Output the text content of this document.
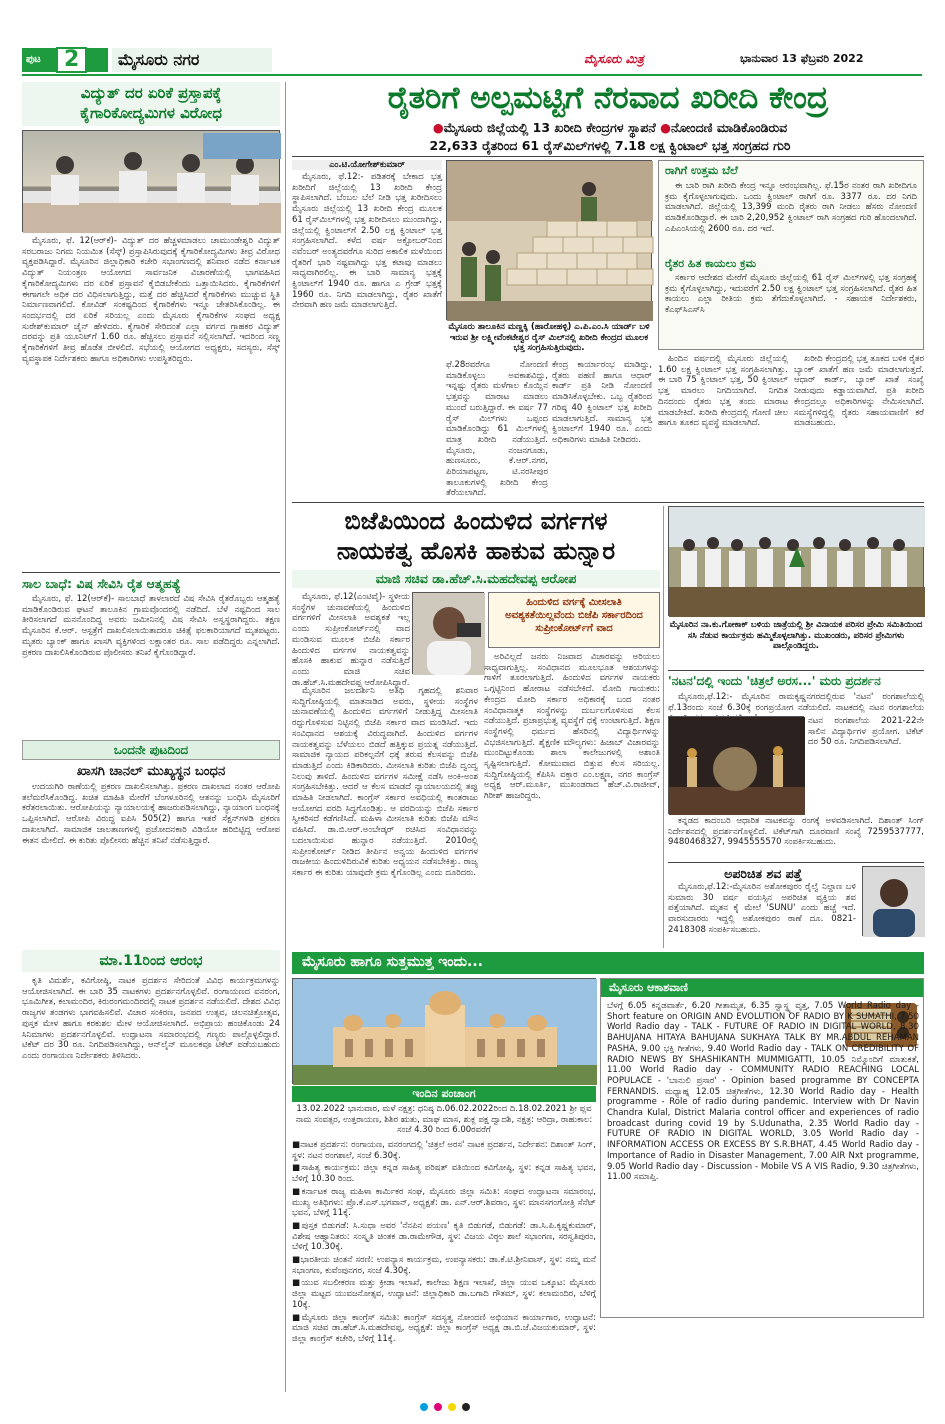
ಪುಟ	2	ಮೈಸೂರು ನಗರ	ಮೈಸೂರು ಮಿತ್ರ	ಭಾನುವಾರ 13 ಫೆಬ್ರವರಿ 2022
ವಿದ್ಯುತ್ ದರ ಏರಿಕೆ ಪ್ರಸ್ತಾಪಕ್ಕೆ
ಕೈಗಾರಿಕೋದ್ಯಮಿಗಳ ವಿರೋಧ
ಮೈಸೂರು, ಫೆ. 12(ಆರ್‌ಕೆ)- ವಿದ್ಯುತ್ ದರ ಹೆಚ್ಚಳಮಾಡಲು ಚಾಮುಂಡೇಶ್ವರಿ ವಿದ್ಯುತ್ ಸರಬರಾಜು ನಿಗಮ ನಿಯಮಿತ (ಸೆಸ್ಕ್) ಪ್ರಸ್ತಾಪಿಸಿರುವುದಕ್ಕೆ ಕೈಗಾರಿಕೋದ್ಯಮಿಗಳು ತೀವ್ರ ವಿರೋಧ ವ್ಯಕ್ತಪಡಿಸಿದ್ದಾರೆ. ಮೈಸೂರಿನ ಜಿಲ್ಲಾಧಿಕಾರಿ ಕಚೇರಿ ಸಭಾಂಗಣದಲ್ಲಿ ಶನಿವಾರ ನಡೆದ ಕರ್ನಾಟಕ ವಿದ್ಯುತ್ ನಿಯಂತ್ರಣ ಆಯೋಗದ ಸಾರ್ವಜನಿಕ ವಿಚಾರಣೆಯಲ್ಲಿ ಭಾಗವಹಿಸಿದ ಕೈಗಾರಿಕೋದ್ಯಮಿಗಳು ದರ ಏರಿಕೆ ಪ್ರಸ್ತಾವನೆ ಕೈಬಿಡಬೇಕೆಂದು ಒತ್ತಾಯಿಸಿದರು. ಕೈಗಾರಿಕೆಗಳಿಗೆ ಈಗಾಗಲೇ ಅಧಿಕ ದರ ವಿಧಿಸಲಾಗುತ್ತಿದ್ದು, ಮತ್ತೆ ದರ ಹೆಚ್ಚಿಸಿದರೆ ಕೈಗಾರಿಕೆಗಳು ಮುಚ್ಚುವ ಸ್ಥಿತಿ ನಿರ್ಮಾಣವಾಗಲಿದೆ. ಕೋವಿಡ್ ಸಂಕಷ್ಟದಿಂದ ಕೈಗಾರಿಕೆಗಳು ಇನ್ನೂ ಚೇತರಿಸಿಕೊಂಡಿಲ್ಲ. ಈ ಸಂದರ್ಭದಲ್ಲಿ ದರ ಏರಿಕೆ ಸರಿಯಲ್ಲ ಎಂದು ಮೈಸೂರು ಕೈಗಾರಿಕೆಗಳ ಸಂಘದ ಅಧ್ಯಕ್ಷ ಸುರೇಶ್‌ಕುಮಾರ್ ಜೈನ್ ಹೇಳಿದರು. ಕೈಗಾರಿಕೆ ಸೇರಿದಂತೆ ಎಲ್ಲಾ ವರ್ಗದ ಗ್ರಾಹಕರ ವಿದ್ಯುತ್ ದರವನ್ನು ಪ್ರತಿ ಯೂನಿಟ್‌ಗೆ 1.60 ರೂ. ಹೆಚ್ಚಿಸಲು ಪ್ರಸ್ತಾವನೆ ಸಲ್ಲಿಸಲಾಗಿದೆ. ಇದರಿಂದ ಸಣ್ಣ ಕೈಗಾರಿಕೆಗಳಿಗೆ ತೀವ್ರ ಹೊಡೆತ ಬೀಳಲಿದೆ. ಸಭೆಯಲ್ಲಿ ಆಯೋಗದ ಅಧ್ಯಕ್ಷರು, ಸದಸ್ಯರು, ಸೆಸ್ಕ್ ವ್ಯವಸ್ಥಾಪಕ ನಿರ್ದೇಶಕರು ಹಾಗೂ ಅಧಿಕಾರಿಗಳು ಉಪಸ್ಥಿತರಿದ್ದರು.
ಸಾಲ ಬಾಧೆ: ವಿಷ ಸೇವಿಸಿ ರೈತ ಆತ್ಮಹತ್ಯೆ
ಮೈಸೂರು, ಫೆ. 12(ಆರ್‌ಕೆ)- ಸಾಲಬಾಧೆ ತಾಳಲಾರದೆ ವಿಷ ಸೇವಿಸಿ ರೈತರೊಬ್ಬರು ಆತ್ಮಹತ್ಯೆ ಮಾಡಿಕೊಂಡಿರುವ ಘಟನೆ ತಾಲೂಕಿನ ಗ್ರಾಮವೊಂದರಲ್ಲಿ ನಡೆದಿದೆ. ಬೆಳೆ ನಷ್ಟದಿಂದ ಸಾಲ ತೀರಿಸಲಾಗದೆ ಮನನೊಂದಿದ್ದ ಅವರು ಜಮೀನಿನಲ್ಲಿ ವಿಷ ಸೇವಿಸಿ ಅಸ್ವಸ್ಥರಾಗಿದ್ದರು. ತಕ್ಷಣ ಮೈಸೂರಿನ ಕೆ.ಆರ್. ಆಸ್ಪತ್ರೆಗೆ ದಾಖಲಿಸಲಾಯಿತಾದರೂ ಚಿಕಿತ್ಸೆ ಫಲಕಾರಿಯಾಗದೆ ಮೃತಪಟ್ಟರು. ಮೃತರು ಬ್ಯಾಂಕ್ ಹಾಗೂ ಖಾಸಗಿ ವ್ಯಕ್ತಿಗಳಿಂದ ಲಕ್ಷಾಂತರ ರೂ. ಸಾಲ ಪಡೆದಿದ್ದರು ಎನ್ನಲಾಗಿದೆ. ಪ್ರಕರಣ ದಾಖಲಿಸಿಕೊಂಡಿರುವ ಪೊಲೀಸರು ತನಿಖೆ ಕೈಗೊಂಡಿದ್ದಾರೆ.
ಒಂದನೇ ಪುಟದಿಂದ
ಖಾಸಗಿ ಚಾನಲ್ ಮುಖ್ಯಸ್ಥನ ಬಂಧನ
ಉದಯಗಿರಿ ಠಾಣೆಯಲ್ಲಿ ಪ್ರಕರಣ ದಾಖಲಿಸಲಾಗಿತ್ತು. ಪ್ರಕರಣ ದಾಖಲಾದ ನಂತರ ಆರೋಪಿ ತಲೆಮರೆಸಿಕೊಂಡಿದ್ದ. ಖಚಿತ ಮಾಹಿತಿ ಮೇರೆಗೆ ಬೆಂಗಳೂರಿನಲ್ಲಿ ಆತನನ್ನು ಬಂಧಿಸಿ ಮೈಸೂರಿಗೆ ಕರೆತರಲಾಯಿತು. ಆರೋಪಿಯನ್ನು ನ್ಯಾಯಾಲಯಕ್ಕೆ ಹಾಜರುಪಡಿಸಲಾಗಿದ್ದು, ನ್ಯಾಯಾಂಗ ಬಂಧನಕ್ಕೆ ಒಪ್ಪಿಸಲಾಗಿದೆ. ಆರೋಪಿ ವಿರುದ್ಧ ಐಪಿಸಿ 505(2) ಹಾಗೂ ಇತರೆ ಸೆಕ್ಷನ್‌ಗಳಡಿ ಪ್ರಕರಣ ದಾಖಲಾಗಿದೆ. ಸಾಮಾಜಿಕ ಜಾಲತಾಣಗಳಲ್ಲಿ ಪ್ರಚೋದನಕಾರಿ ವಿಡಿಯೋ ಹರಿಬಿಟ್ಟಿದ್ದ ಆರೋಪ ಈತನ ಮೇಲಿದೆ. ಈ ಕುರಿತು ಪೊಲೀಸರು ಹೆಚ್ಚಿನ ತನಿಖೆ ನಡೆಸುತ್ತಿದ್ದಾರೆ.
ಮಾ.11ರಿಂದ ಆರಂಭ
ಕೃತಿ ವಿಮರ್ಶೆ, ಕವಿಗೋಷ್ಠಿ, ನಾಟಕ ಪ್ರದರ್ಶನ ಸೇರಿದಂತೆ ವಿವಿಧ ಕಾರ್ಯಕ್ರಮಗಳನ್ನು ಆಯೋಜಿಸಲಾಗಿದೆ. ಈ ಬಾರಿ 35 ನಾಟಕಗಳು ಪ್ರದರ್ಶನಗೊಳ್ಳಲಿವೆ. ರಂಗಾಯಣದ ವನರಂಗ, ಭೂಮಿಗೀತ, ಕಲಾಮಂದಿರ, ಕಿರುರಂಗಮಂದಿರದಲ್ಲಿ ನಾಟಕ ಪ್ರದರ್ಶನ ನಡೆಯಲಿದೆ. ದೇಶದ ವಿವಿಧ ರಾಜ್ಯಗಳ ತಂಡಗಳು ಭಾಗವಹಿಸಲಿವೆ. ವಿಚಾರ ಸಂಕಿರಣ, ಜನಪದ ಉತ್ಸವ, ಚಲನಚಿತ್ರೋತ್ಸವ, ಪುಸ್ತಕ ಮೇಳ ಹಾಗೂ ಕರಕುಶಲ ಮೇಳ ಆಯೋಜಿಸಲಾಗಿದೆ. ಅಭಿಪ್ರಾಯ ಹಂಚಿಕೊಂಡು 24 ಸಿನಿಮಾಗಳು ಪ್ರದರ್ಶನಗೊಳ್ಳಲಿವೆ. ಉದ್ಘಾಟನಾ ಸಮಾರಂಭದಲ್ಲಿ ಗಣ್ಯರು ಪಾಲ್ಗೊಳ್ಳಲಿದ್ದಾರೆ. ಟಿಕೆಟ್ ದರ 30 ರೂ. ನಿಗದಿಪಡಿಸಲಾಗಿದ್ದು, ಆನ್‌ಲೈನ್ ಮೂಲಕವೂ ಟಿಕೆಟ್ ಪಡೆಯಬಹುದು ಎಂದು ರಂಗಾಯಣ ನಿರ್ದೇಶಕರು ತಿಳಿಸಿದರು.
ರೈತರಿಗೆ ಅಲ್ಪಮಟ್ಟಿಗೆ ನೆರವಾದ ಖರೀದಿ ಕೇಂದ್ರ
●ಮೈಸೂರು ಜಿಲ್ಲೆಯಲ್ಲಿ 13 ಖರೀದಿ ಕೇಂದ್ರಗಳ ಸ್ಥಾಪನೆ ●ನೋಂದಣಿ ಮಾಡಿಕೊಂಡಿರುವ
22,633 ರೈತರಿಂದ 61 ರೈಸ್‌ಮಿಲ್‌ಗಳಲ್ಲಿ 7.18 ಲಕ್ಷ ಕ್ವಿಂಟಾಲ್ ಭತ್ತ ಸಂಗ್ರಹದ ಗುರಿ
ಎಂ.ಟಿ.ಯೋಗೇಶ್‌ಕುಮಾರ್
ಮೈಸೂರು, ಫೆ.12:- ಪಡಿತರಕ್ಕೆ ಬೇಕಾದ ಭತ್ತ ಖರೀದಿಗೆ ಜಿಲ್ಲೆಯಲ್ಲಿ 13 ಖರೀದಿ ಕೇಂದ್ರ ಸ್ಥಾಪಿಸಲಾಗಿದೆ. ಬೆಂಬಲ ಬೆಲೆ ನೀಡಿ ಭತ್ತ ಖರೀದಿಸಲು ಮೈಸೂರು ಜಿಲ್ಲೆಯಲ್ಲಿ 13 ಖರೀದಿ ಕೇಂದ್ರ ಮೂಲಕ 61 ರೈಸ್‌ಮಿಲ್‌ಗಳಲ್ಲಿ ಭತ್ತ ಖರೀದಿಸಲು ಮುಂದಾಗಿದ್ದು, ಜಿಲ್ಲೆಯಲ್ಲಿ ಕ್ವಿಂಟಾಲ್‌ಗೆ 2.50 ಲಕ್ಷ ಕ್ವಿಂಟಾಲ್ ಭತ್ತ ಸಂಗ್ರಹಿಸಲಾಗಿದೆ. ಕಳೆದ ವರ್ಷ ಅಕ್ಟೋಬರ್‌ನಿಂದ ನವೆಂಬರ್ ಅಂತ್ಯದವರೆಗೂ ಸುರಿದ ಅಕಾಲಿಕ ಮಳೆಯಿಂದ ರೈತರಿಗೆ ಭಾರಿ ನಷ್ಟವಾಗಿದ್ದು ಭತ್ತ ಕಟಾವು ಮಾಡಲು ಸಾಧ್ಯವಾಗಿರಲಿಲ್ಲ. ಈ ಬಾರಿ ಸಾಮಾನ್ಯ ಭತ್ತಕ್ಕೆ ಕ್ವಿಂಟಾಲ್‌ಗೆ 1940 ರೂ. ಹಾಗೂ ಎ ಗ್ರೇಡ್ ಭತ್ತಕ್ಕೆ 1960 ರೂ. ನಿಗದಿ ಮಾಡಲಾಗಿದ್ದು, ರೈತರ ಖಾತೆಗೆ ನೇರವಾಗಿ ಹಣ ಜಮೆ ಮಾಡಲಾಗುತ್ತಿದೆ.
ಮೈಸೂರು ತಾಲೂಕಿನ ಮಣ್ಣಕ್ಕಿ (ಹಾರೋಹಳ್ಳಿ) ಎ.ಪಿ.ಎಂ.ಸಿ ಯಾರ್ಡ್ ಬಳಿ ಇರುವ ಶ್ರೀ ಲಕ್ಷ್ಮೀವೆಂಕಟೇಶ್ವರ ರೈಸ್ ಮಿಲ್‌ನಲ್ಲಿ ಖರೀದಿ ಕೇಂದ್ರದ ಮೂಲಕ ಭತ್ತ ಸಂಗ್ರಹಿಸುತ್ತಿರುವುದು.
ಫೆ.28ರವರೆಗೂ ನೋಂದಣಿ ಮಾಡಿಕೊಳ್ಳಲು ಅವಕಾಶವಿದ್ದು, ಇನ್ನಷ್ಟು ರೈತರು ಮಳೆಗಾಲ ಕೊಯ್ಲಿನ ಭತ್ತವನ್ನು ಮಾರಾಟ ಮಾಡಲು ಮುಂದೆ ಬರುತ್ತಿದ್ದಾರೆ. ಈ ವರ್ಷ 77 ರೈಸ್ ಮಿಲ್‌ಗಳು ಒಪ್ಪಂದ ಮಾಡಿಕೊಂಡಿದ್ದು 61 ಮಿಲ್‌ಗಳಲ್ಲಿ ಮಾತ್ರ ಖರೀದಿ ನಡೆಯುತ್ತಿದೆ. ಮೈಸೂರು, ನಂಜನಗೂಡು, ಹುಣಸೂರು, ಕೆ.ಆರ್.ನಗರ, ಪಿರಿಯಾಪಟ್ಟಣ, ಟಿ.ನರಸೀಪುರ ತಾಲೂಕುಗಳಲ್ಲಿ ಖರೀದಿ ಕೇಂದ್ರ ತೆರೆಯಲಾಗಿದೆ.
ಕೇಂದ್ರ ಕಾರ್ಯಾರಂಭ ಮಾಡಿದ್ದು, ರೈತರು ಪಹಣಿ ಹಾಗೂ ಆಧಾರ್ ಕಾರ್ಡ್ ಪ್ರತಿ ನೀಡಿ ನೋಂದಣಿ ಮಾಡಿಸಿಕೊಳ್ಳಬೇಕು. ಒಬ್ಬ ರೈತರಿಂದ ಗರಿಷ್ಠ 40 ಕ್ವಿಂಟಾಲ್ ಭತ್ತ ಖರೀದಿ ಮಾಡಲಾಗುತ್ತಿದೆ. ಸಾಮಾನ್ಯ ಭತ್ತ ಕ್ವಿಂಟಾಲ್‌ಗೆ 1940 ರೂ. ಎಂದು ಅಧಿಕಾರಿಗಳು ಮಾಹಿತಿ ನೀಡಿದರು.
ರಾಗಿಗೆ ಉತ್ತಮ ಬೆಲೆ
ಈ ಬಾರಿ ರಾಗಿ ಖರೀದಿ ಕೇಂದ್ರ ಇನ್ನೂ ಆರಂಭವಾಗಿಲ್ಲ. ಫೆ.15ರ ನಂತರ ರಾಗಿ ಖರೀದಿಗೂ ಕ್ರಮ ಕೈಗೊಳ್ಳಲಾಗುವುದು. ಒಂದು ಕ್ವಿಂಟಾಲ್ ರಾಗಿಗೆ ರೂ. 3377 ರೂ. ದರ ನಿಗದಿ ಮಾಡಲಾಗಿದೆ. ಜಿಲ್ಲೆಯಲ್ಲಿ 13,399 ಮಂದಿ ರೈತರು ರಾಗಿ ನೀಡಲು ಹೆಸರು ನೋಂದಣಿ ಮಾಡಿಕೊಂಡಿದ್ದಾರೆ. ಈ ಬಾರಿ 2,20,952 ಕ್ವಿಂಟಾಲ್ ರಾಗಿ ಸಂಗ್ರಹದ ಗುರಿ ಹೊಂದಲಾಗಿದೆ. ಎಪಿಎಂಸಿಯಲ್ಲಿ 2600 ರೂ. ದರ ಇದೆ.
ರೈತರ ಹಿತ ಕಾಯಲು ಕ್ರಮ
ಸರ್ಕಾರ ಆದೇಶದ ಮೇರೆಗೆ ಮೈಸೂರು ಜಿಲ್ಲೆಯಲ್ಲಿ 61 ರೈಸ್ ಮಿಲ್‌ಗಳಲ್ಲಿ ಭತ್ತ ಸಂಗ್ರಹಕ್ಕೆ ಕ್ರಮ ಕೈಗೊಳ್ಳಲಾಗಿದ್ದು, ಇದುವರೆಗೆ 2.50 ಲಕ್ಷ ಕ್ವಿಂಟಾಲ್ ಭತ್ತ ಸಂಗ್ರಹಿಸಲಾಗಿದೆ. ರೈತರ ಹಿತ ಕಾಯಲು ಎಲ್ಲಾ ರೀತಿಯ ಕ್ರಮ ತೆಗೆದುಕೊಳ್ಳಲಾಗಿದೆ. - ಸಹಾಯಕ ನಿರ್ದೇಶಕರು, ಕೆಎಫ್‌ಸಿಎಸ್‌ಸಿ
ಹಿಂದಿನ ವರ್ಷದಲ್ಲಿ ಮೈಸೂರು ಜಿಲ್ಲೆಯಲ್ಲಿ 1.60 ಲಕ್ಷ ಕ್ವಿಂಟಾಲ್ ಭತ್ತ ಸಂಗ್ರಹಿಸಲಾಗಿತ್ತು. ಈ ಬಾರಿ 75 ಕ್ವಿಂಟಾಲ್ ಭತ್ತ, 50 ಕ್ವಿಂಟಾಲ್ ಭತ್ತ ಮಾರಲು ನಿಗದಿಯಾಗಿದೆ. ನಿಗದಿತ ದಿನದಂದು ರೈತರು ಭತ್ತ ತಂದು ಮಾರಾಟ ಮಾಡಬೇಕಿದೆ. ಖರೀದಿ ಕೇಂದ್ರದಲ್ಲಿ ಗೋಣಿ ಚೀಲ ಹಾಗೂ ತೂಕದ ವ್ಯವಸ್ಥೆ ಮಾಡಲಾಗಿದೆ.
ಖರೀದಿ ಕೇಂದ್ರದಲ್ಲಿ ಭತ್ತ ತೂಕದ ಬಳಿಕ ರೈತರ ಬ್ಯಾಂಕ್ ಖಾತೆಗೆ ಹಣ ಜಮೆ ಮಾಡಲಾಗುತ್ತದೆ. ಆಧಾರ್ ಕಾರ್ಡ್, ಬ್ಯಾಂಕ್ ಖಾತೆ ಸಂಖ್ಯೆ ನೀಡುವುದು ಕಡ್ಡಾಯವಾಗಿದೆ. ಪ್ರತಿ ಖರೀದಿ ಕೇಂದ್ರದಲ್ಲೂ ಅಧಿಕಾರಿಗಳನ್ನು ನೇಮಿಸಲಾಗಿದೆ. ಸಮಸ್ಯೆಗಳಿದ್ದಲ್ಲಿ ರೈತರು ಸಹಾಯವಾಣಿಗೆ ಕರೆ ಮಾಡಬಹುದು.
ಬಿಜೆಪಿಯಿಂದ ಹಿಂದುಳಿದ ವರ್ಗಗಳ
ನಾಯಕತ್ವ ಹೊಸಕಿ ಹಾಕುವ ಹುನ್ನಾರ
ಮಾಜಿ ಸಚಿವ ಡಾ.ಹೆಚ್.ಸಿ.ಮಹದೇವಪ್ಪ ಆರೋಪ
ಮೈಸೂರು, ಫೆ.12(ಎಂಟಿವೈ)- ಸ್ಥಳೀಯ ಸಂಸ್ಥೆಗಳ ಚುನಾವಣೆಯಲ್ಲಿ ಹಿಂದುಳಿದ ವರ್ಗಗಳಿಗೆ ಮೀಸಲಾತಿ ಅವಶ್ಯಕತೆ ಇಲ್ಲ ಎಂದು ಸುಪ್ರೀಂಕೋರ್ಟ್‌ನಲ್ಲಿ ವಾದ ಮಂಡಿಸುವ ಮೂಲಕ ಬಿಜೆಪಿ ಸರ್ಕಾರ ಹಿಂದುಳಿದ ವರ್ಗಗಳ ನಾಯಕತ್ವವನ್ನು ಹೊಸಕಿ ಹಾಕುವ ಹುನ್ನಾರ ನಡೆಸುತ್ತಿದೆ ಎಂದು ಮಾಜಿ ಸಚಿವ ಡಾ.ಹೆಚ್.ಸಿ.ಮಹದೇವಪ್ಪ ಆರೋಪಿಸಿದ್ದಾರೆ.
ಹಿಂದುಳಿದ ವರ್ಗಕ್ಕೆ ಮೀಸಲಾತಿ ಅವಶ್ಯಕತೆಯಿಲ್ಲವೆಂದು ಬಿಜೆಪಿ ಸರ್ಕಾರದಿಂದ ಸುಪ್ರೀಂಕೋರ್ಟ್‌ಗೆ ವಾದ
ಮೈಸೂರಿನ ಜಲದರ್ಶಿನಿ ಅತಿಥಿ ಗೃಹದಲ್ಲಿ ಶನಿವಾರ ಸುದ್ದಿಗೋಷ್ಠಿಯಲ್ಲಿ ಮಾತನಾಡಿದ ಅವರು, ಸ್ಥಳೀಯ ಸಂಸ್ಥೆಗಳ ಚುನಾವಣೆಯಲ್ಲಿ ಹಿಂದುಳಿದ ವರ್ಗಗಳಿಗೆ ನೀಡುತ್ತಿದ್ದ ಮೀಸಲಾತಿ ರದ್ದುಗೊಳಿಸುವ ನಿಟ್ಟಿನಲ್ಲಿ ಬಿಜೆಪಿ ಸರ್ಕಾರ ವಾದ ಮಂಡಿಸಿದೆ. ಇದು ಸಂವಿಧಾನದ ಆಶಯಕ್ಕೆ ವಿರುದ್ಧವಾಗಿದೆ. ಹಿಂದುಳಿದ ವರ್ಗಗಳ ನಾಯಕತ್ವವನ್ನು ಬೆಳೆಯಲು ಬಿಡದೆ ಹತ್ತಿಕ್ಕುವ ಪ್ರಯತ್ನ ನಡೆಯುತ್ತಿದೆ. ಸಾಮಾಜಿಕ ನ್ಯಾಯದ ಪರಿಕಲ್ಪನೆಗೆ ಧಕ್ಕೆ ತರುವ ಕೆಲಸವನ್ನು ಬಿಜೆಪಿ ಮಾಡುತ್ತಿದೆ ಎಂದು ಕಿಡಿಕಾರಿದರು. ಮೀಸಲಾತಿ ಕುರಿತು ಬಿಜೆಪಿ ದ್ವಂದ್ವ ನಿಲುವು ತಾಳಿದೆ. ಹಿಂದುಳಿದ ವರ್ಗಗಳ ಸಮೀಕ್ಷೆ ನಡೆಸಿ ಅಂಕಿ-ಅಂಶ ಸಂಗ್ರಹಿಸಬೇಕಿತ್ತು. ಆದರೆ ಆ ಕೆಲಸ ಮಾಡದೆ ನ್ಯಾಯಾಲಯದಲ್ಲಿ ತಪ್ಪು ಮಾಹಿತಿ ನೀಡಲಾಗಿದೆ. ಕಾಂಗ್ರೆಸ್ ಸರ್ಕಾರ ಅವಧಿಯಲ್ಲಿ ಕಾಂತರಾಜು ಆಯೋಗದ ವರದಿ ಸಿದ್ಧಗೊಂಡಿತ್ತು. ಆ ವರದಿಯನ್ನು ಬಿಜೆಪಿ ಸರ್ಕಾರ ಸ್ವೀಕರಿಸದೆ ಕಡೆಗಣಿಸಿದೆ. ಮಹಿಳಾ ಮೀಸಲಾತಿ ಕುರಿತು ಬಿಜೆಪಿ ಮೌನ ವಹಿಸಿದೆ. ಡಾ.ಬಿ.ಆರ್.ಅಂಬೇಡ್ಕರ್ ರಚಿಸಿದ ಸಂವಿಧಾನವನ್ನು ಬದಲಾಯಿಸುವ ಹುನ್ನಾರ ನಡೆಯುತ್ತಿದೆ. 2010ರಲ್ಲಿ ಸುಪ್ರೀಂಕೋರ್ಟ್ ನೀಡಿದ ತೀರ್ಪಿನ ಅನ್ವಯ ಹಿಂದುಳಿದ ವರ್ಗಗಳ ರಾಜಕೀಯ ಹಿಂದುಳಿದಿರುವಿಕೆ ಕುರಿತು ಅಧ್ಯಯನ ನಡೆಸಬೇಕಿತ್ತು. ರಾಜ್ಯ ಸರ್ಕಾರ ಈ ಕುರಿತು ಯಾವುದೇ ಕ್ರಮ ಕೈಗೊಂಡಿಲ್ಲ ಎಂದು ದೂರಿದರು.
ಅರಿವಿಲ್ಲದೆ ಜನರು ನಿಜವಾದ ವಿಚಾರವನ್ನು ಅರಿಯಲು ಸಾಧ್ಯವಾಗುತ್ತಿಲ್ಲ. ಸಂವಿಧಾನದ ಮೂಲಭೂತ ಆಶಯಗಳನ್ನು ಗಾಳಿಗೆ ತೂರಲಾಗುತ್ತಿದೆ. ಹಿಂದುಳಿದ ವರ್ಗಗಳ ನಾಯಕರು ಒಗ್ಗಟ್ಟಿನಿಂದ ಹೋರಾಟ ನಡೆಸಬೇಕಿದೆ. ಮೋದಿ ಗಾಯಕರು: ಕೇಂದ್ರದ ಮೋದಿ ಸರ್ಕಾರ ಅಧಿಕಾರಕ್ಕೆ ಬಂದ ನಂತರ ಸಂವಿಧಾನಾತ್ಮಕ ಸಂಸ್ಥೆಗಳನ್ನು ದುರ್ಬಲಗೊಳಿಸುವ ಕೆಲಸ ನಡೆಯುತ್ತಿದೆ. ಪ್ರಜಾಪ್ರಭುತ್ವ ವ್ಯವಸ್ಥೆಗೆ ಧಕ್ಕೆ ಉಂಟಾಗುತ್ತಿದೆ. ಶಿಕ್ಷಣ ಸಂಸ್ಥೆಗಳಲ್ಲಿ ಧರ್ಮದ ಹೆಸರಿನಲ್ಲಿ ವಿದ್ಯಾರ್ಥಿಗಳನ್ನು ವಿಭಜಿಸಲಾಗುತ್ತಿದೆ. ಶೈಕ್ಷಣಿಕ ಮೌಲ್ಯಗಳು: ಹಿಜಾಬ್ ವಿಚಾರವನ್ನು ಮುಂದಿಟ್ಟುಕೊಂಡು ಶಾಲಾ ಕಾಲೇಜುಗಳಲ್ಲಿ ಅಶಾಂತಿ ಸೃಷ್ಟಿಸಲಾಗುತ್ತಿದೆ. ಕೋಮುವಾದ ಬಿತ್ತುವ ಕೆಲಸ ಸರಿಯಲ್ಲ. ಸುದ್ದಿಗೋಷ್ಠಿಯಲ್ಲಿ ಕೆಪಿಸಿಸಿ ವಕ್ತಾರ ಎಂ.ಲಕ್ಷ್ಮಣ, ನಗರ ಕಾಂಗ್ರೆಸ್ ಅಧ್ಯಕ್ಷ ಆರ್.ಮೂರ್ತಿ, ಮುಖಂಡರಾದ ಹೆಚ್.ವಿ.ರಾಜೀವ್, ಗಿರೀಶ್ ಹಾಜರಿದ್ದರು.
ಮೈಸೂರಿನ ನಾ.ಕು.ಗೋಕಾಕ್ ಬಳಿಯ ಜಾತ್ರೆಯಲ್ಲಿ ಶ್ರೀ ವಿನಾಯಕ ಪರಿಸರ ಪ್ರೇಮಿ ಸಮಿತಿಯಿಂದ ಸಸಿ ನೆಡುವ ಕಾರ್ಯಕ್ರಮ ಹಮ್ಮಿಕೊಳ್ಳಲಾಗಿತ್ತು. ಮುಖಂಡರು, ಪರಿಸರ ಪ್ರೇಮಿಗಳು ಪಾಲ್ಗೊಂಡಿದ್ದರು.
'ನಟನ'ದಲ್ಲಿ ಇಂದು 'ಚಿತ್ರಲೆ ಅರಸ...' ಮರು ಪ್ರದರ್ಶನ
ಮೈಸೂರು,ಫೆ.12:- ಮೈಸೂರಿನ ರಾಮಕೃಷ್ಣನಗರದಲ್ಲಿರುವ 'ನಟನ' ರಂಗಶಾಲೆಯಲ್ಲಿ ಫೆ.13ರಂದು ಸಂಜೆ 6.30ಕ್ಕೆ ರಂಗಪ್ರಯೋಗ ನಡೆಯಲಿದೆ. ನಾಟಕದಲ್ಲಿ ನಟನ ರಂಗಶಾಲೆಯ
ನಟನ ರಂಗಶಾಲೆಯ 2021-22ನೇ ಸಾಲಿನ ವಿದ್ಯಾರ್ಥಿಗಳ ಪ್ರಯೋಗ. ಟಿಕೆಟ್ ದರ 50 ರೂ. ನಿಗದಿಪಡಿಸಲಾಗಿದೆ.
ಕನ್ನಡದ ಕಾದಂಬರಿ ಆಧಾರಿತ ನಾಟಕವನ್ನು ರಂಗಕ್ಕೆ ಅಳವಡಿಸಲಾಗಿದೆ. ದಿಶಾಂತ್ ಸಿಂಗ್ ನಿರ್ದೇಶನದಲ್ಲಿ ಪ್ರದರ್ಶನಗೊಳ್ಳಲಿದೆ. ಟಿಕೆಟ್‌ಗಾಗಿ ದೂರವಾಣಿ ಸಂಖ್ಯೆ 7259537777, 9480468327, 9945555570 ಸಂಪರ್ಕಿಸಬಹುದು.
ಅಪರಿಚಿತ ಶವ ಪತ್ತೆ
ಮೈಸೂರು,ಫೆ.12:-ಮೈಸೂರಿನ ಅಶೋಕಪುರಂ ರೈಲ್ವೆ ನಿಲ್ದಾಣ ಬಳಿ ಸುಮಾರು 30 ವರ್ಷ ವಯಸ್ಸಿನ ಅಪರಿಚಿತ ವ್ಯಕ್ತಿಯ ಶವ ಪತ್ತೆಯಾಗಿದೆ. ಮೃತನ ಕೈ ಮೇಲೆ 'SUNU' ಎಂದು ಹಚ್ಚೆ ಇದೆ. ವಾರಸುದಾರರು ಇದ್ದಲ್ಲಿ ಅಶೋಕಪುರಂ ಠಾಣೆ ದೂ. 0821-2418308 ಸಂಪರ್ಕಿಸಬಹುದು.
ಮೈಸೂರು ಹಾಗೂ ಸುತ್ತಮುತ್ತ ಇಂದು...
ಇಂದಿನ ಪಂಚಾಂಗ
13.02.2022 ಭಾನುವಾರ, ಮಳೆ ನಕ್ಷತ್ರ: ಧನಿಷ್ಠ ದಿ.06.02.2022ರಿಂದ ದಿ.18.02.2021 ಶ್ರೀ ಪ್ಲವ ನಾಮ ಸಂವತ್ಸರ, ಉತ್ತರಾಯಣ, ಶಿಶಿರ ಋತು, ಮಾಘ ಮಾಸ, ಶುಕ್ಲ ಪಕ್ಷ ದ್ವಾದಶಿ, ನಕ್ಷತ್ರ: ಆರಿದ್ರಾ, ರಾಹುಕಾಲ: ಸಂಜೆ 4.30 ರಿಂದ 6.00ರವರೆಗೆ
■ನಾಟಕ ಪ್ರದರ್ಶನ: ರಂಗಾಯಣ, ವನರಂಗದಲ್ಲಿ 'ಚಿತ್ರಲೆ ಅರಸ' ನಾಟಕ ಪ್ರದರ್ಶನ, ನಿರ್ದೇಶನ: ದಿಶಾಂತ್ ಸಿಂಗ್, ಸ್ಥಳ: ನಟನ ರಂಗಶಾಲೆ, ಸಂಜೆ 6.30ಕ್ಕೆ.
■ಸಾಹಿತ್ಯ ಕಾರ್ಯಕ್ರಮ: ಜಿಲ್ಲಾ ಕನ್ನಡ ಸಾಹಿತ್ಯ ಪರಿಷತ್ ವತಿಯಿಂದ ಕವಿಗೋಷ್ಠಿ, ಸ್ಥಳ: ಕನ್ನಡ ಸಾಹಿತ್ಯ ಭವನ, ಬೆಳಿಗ್ಗೆ 10.30 ರಿಂದ.
■ಕರ್ನಾಟಕ ರಾಜ್ಯ ಮಹಿಳಾ ಕಾರ್ಮಿಕರ ಸಂಘ, ಮೈಸೂರು ಜಿಲ್ಲಾ ಸಮಿತಿ: ಸಂಘದ ಉದ್ಘಾಟನಾ ಸಮಾರಂಭ, ಮುಖ್ಯ ಅತಿಥಿಗಳು: ಪ್ರೊ.ಕೆ.ಎಸ್.ಭಗವಾನ್, ಅಧ್ಯಕ್ಷತೆ: ಡಾ. ಎನ್.ಆರ್.ಶಿವರಾಂ, ಸ್ಥಳ: ಮಾನಸಗಂಗೋತ್ರಿ ಸೆನೆಟ್ ಭವನ, ಬೆಳಿಗ್ಗೆ 11ಕ್ಕೆ.
■ಪುಸ್ತಕ ಬಿಡುಗಡೆ: ಸಿ.ಸುಧಾ ಅವರ 'ನೆನಪಿನ ಪಯಣ' ಕೃತಿ ಬಿಡುಗಡೆ, ಬಿಡುಗಡೆ: ಡಾ.ಸಿ.ಪಿ.ಕೃಷ್ಣಕುಮಾರ್, ವಿಶೇಷ ಆಹ್ವಾನಿತರು: ಸಂಸ್ಕೃತಿ ಚಿಂತಕ ಡಾ.ರಾಮೇಗೌಡ, ಸ್ಥಳ: ವಿಜಯ ವಿಠ್ಠಲ ಶಾಲೆ ಸಭಾಂಗಣ, ಸರಸ್ವತಿಪುರಂ, ಬೆಳಿಗ್ಗೆ 10.30ಕ್ಕೆ.
■ಭಾರತೀಯ ಚಿಂತನೆ ಸರಣಿ: ಉಪನ್ಯಾಸ ಕಾರ್ಯಕ್ರಮ, ಉಪನ್ಯಾಸಕರು: ಡಾ.ಕೆ.ಟಿ.ಶ್ರೀನಿವಾಸ್, ಸ್ಥಳ: ನಮ್ಮ ಮನೆ ಸಭಾಂಗಣ, ಕುವೆಂಪುನಗರ, ಸಂಜೆ 4.30ಕ್ಕೆ.
■ಯುವ ಸಬಲೀಕರಣ ಮತ್ತು ಕ್ರೀಡಾ ಇಲಾಖೆ, ಕಾಲೇಜು ಶಿಕ್ಷಣ ಇಲಾಖೆ, ಜಿಲ್ಲಾ ಯುವ ಒಕ್ಕೂಟ: ಮೈಸೂರು ಜಿಲ್ಲಾ ಮಟ್ಟದ ಯುವಜನೋತ್ಸವ, ಉದ್ಘಾಟನೆ: ಜಿಲ್ಲಾಧಿಕಾರಿ ಡಾ.ಬಗಾದಿ ಗೌತಮ್, ಸ್ಥಳ: ಕಲಾಮಂದಿರ, ಬೆಳಿಗ್ಗೆ 10ಕ್ಕೆ.
■ಮೈಸೂರು ಜಿಲ್ಲಾ ಕಾಂಗ್ರೆಸ್ ಸಮಿತಿ: ಕಾಂಗ್ರೆಸ್ ಸದಸ್ಯತ್ವ ನೋಂದಣಿ ಅಭಿಯಾನ ಕಾರ್ಯಾಗಾರ, ಉದ್ಘಾಟನೆ: ಮಾಜಿ ಸಚಿವ ಡಾ.ಹೆಚ್.ಸಿ.ಮಹದೇವಪ್ಪ, ಅಧ್ಯಕ್ಷತೆ: ಜಿಲ್ಲಾ ಕಾಂಗ್ರೆಸ್ ಅಧ್ಯಕ್ಷ ಡಾ.ಬಿ.ಜೆ.ವಿಜಯಕುಮಾರ್, ಸ್ಥಳ: ಜಿಲ್ಲಾ ಕಾಂಗ್ರೆಸ್ ಕಚೇರಿ, ಬೆಳಿಗ್ಗೆ 11ಕ್ಕೆ.
ಮೈಸೂರು ಆಕಾಶವಾಣಿ
ಬೆಳಗ್ಗೆ 6.05 ಕನ್ನಡವಾರ್ತೆ, 6.20 ಗೀತಾಮೃತ, 6.35 ಸ್ವಾಸ್ಥ್ಯ ವೃತ್ತ, 7.05 World Radio day - Short feature on ORIGIN AND EVOLUTION OF RADIO BY K SUMATHI, 7.50 World Radio day - TALK - FUTURE OF RADIO IN DIGITAL WORLD, 8.30 BAHUJANA HITAYA BAHUJANA SUKHAYA TALK BY MR.ABDUL REHAMAN PASHA, 9.00 ಭಕ್ತಿ ಗೀತೆಗಳು, 9.40 World Radio day - TALK ON CREDIBILITY OF RADIO NEWS BY SHASHIKANTH MUMMIGATTI, 10.05 ನಿಮ್ಮೊಂದಿಗೆ ಮಾತುಕತೆ, 11.00 World Radio day - COMMUNITY RADIO REACHING LOCAL POPULACE - 'ಬಾನುಲಿ ಪ್ರಸಾರ' - Opinion based programme BY CONCEPTA FERNANDIS. ಮಧ್ಯಾಹ್ನ 12.05 ಚಿತ್ರಗೀತೆಗಳು, 12.30 World Radio day - Health programme - Role of radio during pandemic. Interview with Dr Navin Chandra Kulal, District Malaria control officer and experiences of radio broadcast during covid 19 by S.Udunatha, 2.35 World Radio day - FUTURE OF RADIO IN DIGITAL WORLD, 3.05 World Radio day - INFORMATION ACCESS OR EXCESS BY S.R.BHAT, 4.45 World Radio day - Importance of Radio in Disaster Management, 7.00 AIR Nxt programme, 9.05 World Radio day - Discussion - Mobile VS A VIS Radio, 9.30 ಚಿತ್ರಗೀತೆಗಳು, 11.00 ಸಮಾಪ್ತಿ.
